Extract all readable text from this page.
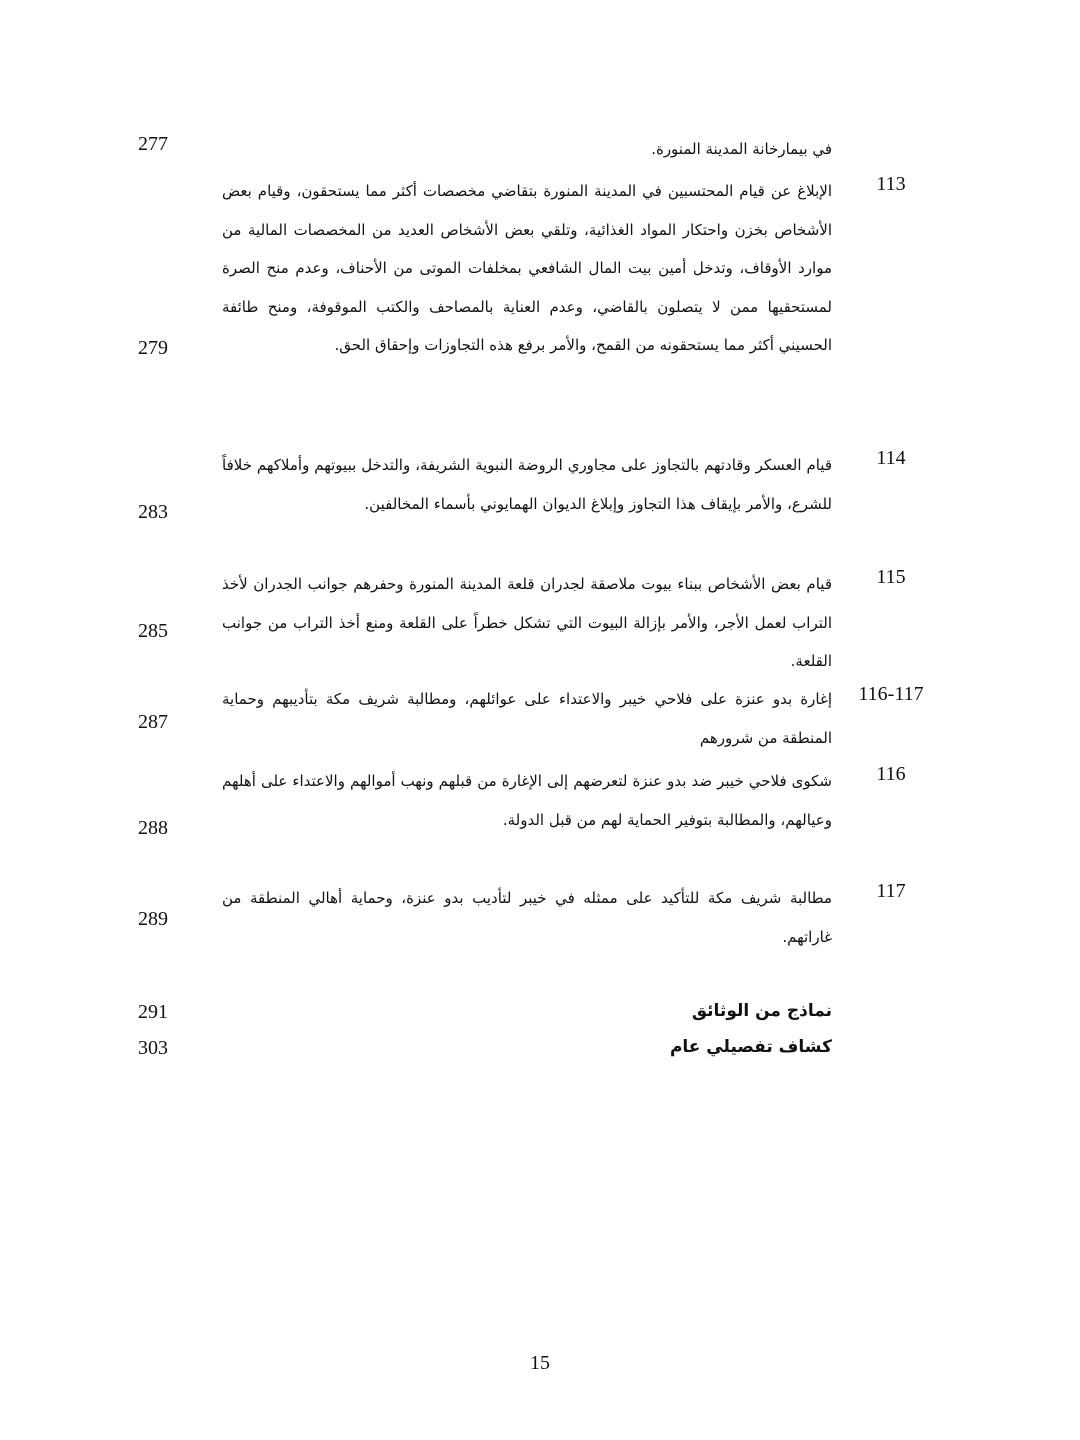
277	في بيمارخانة المدينة المنورة.
113
الإبلاغ عن قيام المحتسبين في المدينة المنورة بتقاضي مخصصات أكثر مما يستحقون، وقيام بعض الأشخاص بخزن واحتكار المواد الغذائية، وتلقي بعض الأشخاص العديد من المخصصات المالية من موارد الأوقاف، وتدخل أمين بيت المال الشافعي بمخلفات الموتى من الأحناف، وعدم منح الصرة لمستحقيها ممن لا يتصلون بالقاضي، وعدم العناية بالمصاحف والكتب الموقوفة، ومنح طائفة الحسيني أكثر مما يستحقونه من القمح، والأمر برفع هذه التجاوزات وإحقاق الحق.
279
114
قيام العسكر وقادتهم بالتجاوز على مجاوري الروضة النبوية الشريفة، والتدخل ببيوتهم وأملاكهم خلافاً للشرع، والأمر بإيقاف هذا التجاوز وإبلاغ الديوان الهمايوني بأسماء المخالفين.
283
115
قيام بعض الأشخاص ببناء بيوت ملاصقة لجدران قلعة المدينة المنورة وحفرهم جوانب الجدران لأخذ التراب لعمل الأجر، والأمر بإزالة البيوت التي تشكل خطراً على القلعة ومنع أخذ التراب من جوانب القلعة.
285
116-117
إغارة بدو عنزة على فلاحي خيبر والاعتداء على عوائلهم، ومطالبة شريف مكة بتأديبهم وحماية المنطقة من شرورهم
287
116
شكوى فلاحي خيبر ضد بدو عنزة لتعرضهم إلى الإغارة من قبلهم ونهب أموالهم والاعتداء على أهلهم وعيالهم، والمطالبة بتوفير الحماية لهم من قبل الدولة.
288
117
مطالبة شريف مكة للتأكيد على ممثله في خيبر لتأديب بدو عنزة، وحماية أهالي المنطقة من غاراتهم.
289
نماذج من الوثائق
291
كشاف تفصيلي عام
303
15
